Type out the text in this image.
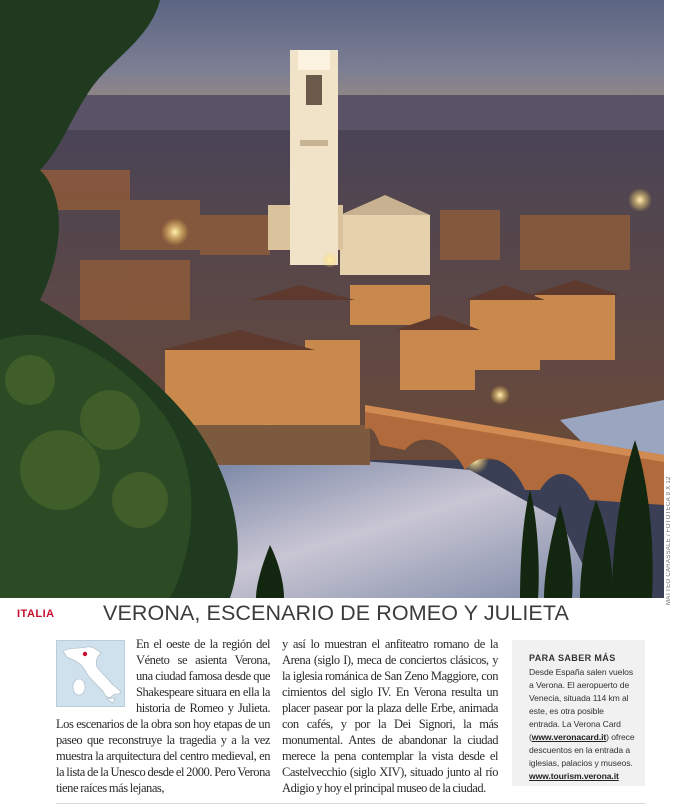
MATTEO CARASSALE / FOTOTECA 9 X 12
ITALIA VERONA, ESCENARIO DE ROMEO Y JULIETA

En el oeste de la región del Véneto se asienta Verona, una ciudad famosa desde que Shakespeare situara en ella la historia de Romeo y Julieta. Los escenarios de la obra son hoy etapas de un paseo que reconstruye la tragedia y a la vez muestra la arquitectura del centro medieval, en la lista de la Unesco desde el 2000. Pero Verona tiene raíces más lejanas,

y así lo muestran el anfiteatro romano de la Arena (siglo I), meca de conciertos clásicos, y la iglesia románica de San Zeno Maggiore, con cimientos del siglo IV. En Verona resulta un placer pasear por la plaza delle Erbe, animada con cafés, y por la Dei Signori, la más monumental. Antes de abandonar la ciudad merece la pena contemplar la vista desde el Castelvecchio (siglo XIV), situado junto al río Adigio y hoy el principal museo de la ciudad.

PARA SABER MÁS
Desde España salen vuelos a Verona. El aeropuerto de Venecia, situada 114 km al este, es otra posible entrada. La Verona Card (www.veronacard.it) ofrece descuentos en la entrada a iglesias, palacios y museos.
www.tourism.verona.it
